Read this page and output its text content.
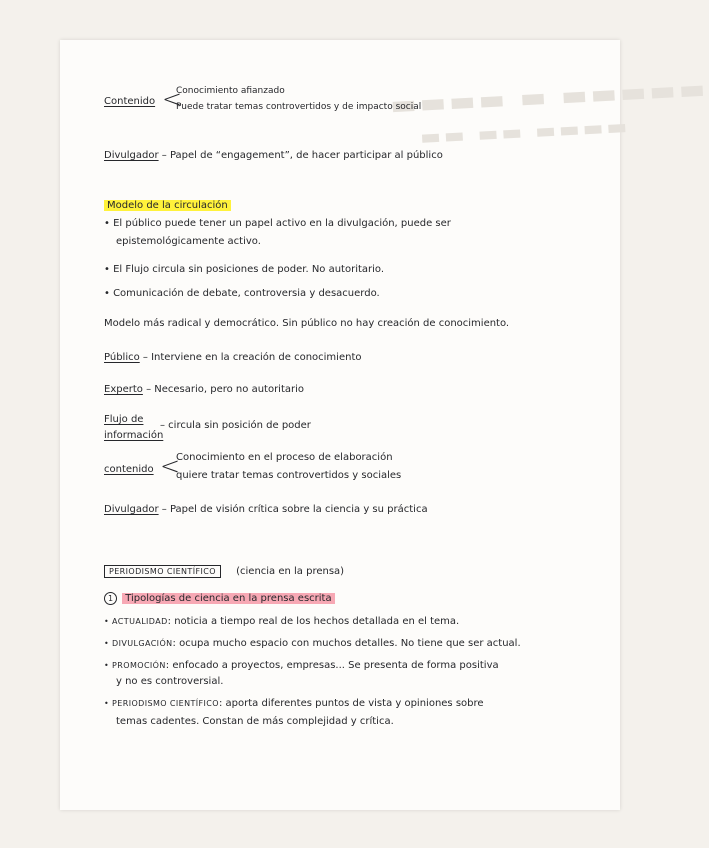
▬▬▬▬ ▬ ▬▬▬▬▬
▬▬ ▬▬ ▬▬▬▬
Contenido <
Conocimiento afianzado
Puede tratar temas controvertidos y de impacto social
Divulgador – Papel de “engagement”, de hacer participar al público
Modelo de la circulación
• El público puede tener un papel activo en la divulgación, puede ser
epistemológicamente activo.
• El Flujo circula sin posiciones de poder. No autoritario.
• Comunicación de debate, controversia y desacuerdo.
Modelo más radical y democrático. Sin público no hay creación de conocimiento.
Público – Interviene en la creación de conocimiento
Experto – Necesario, pero no autoritario
Flujo de
información
– circula sin posición de poder
contenido <
Conocimiento en el proceso de elaboración
quiere tratar temas controvertidos y sociales
Divulgador – Papel de visión crítica sobre la ciencia y su práctica
PERIODISMO CIENTÍFICO (ciencia en la prensa)
1 Tipologías de ciencia en la prensa escrita
• ACTUALIDAD: noticia a tiempo real de los hechos detallada en el tema.
• DIVULGACIÓN: ocupa mucho espacio con muchos detalles. No tiene que ser actual.
• PROMOCIÓN: enfocado a proyectos, empresas... Se presenta de forma positiva
y no es controversial.
• PERIODISMO CIENTÍFICO: aporta diferentes puntos de vista y opiniones sobre
temas cadentes. Constan de más complejidad y crítica.
